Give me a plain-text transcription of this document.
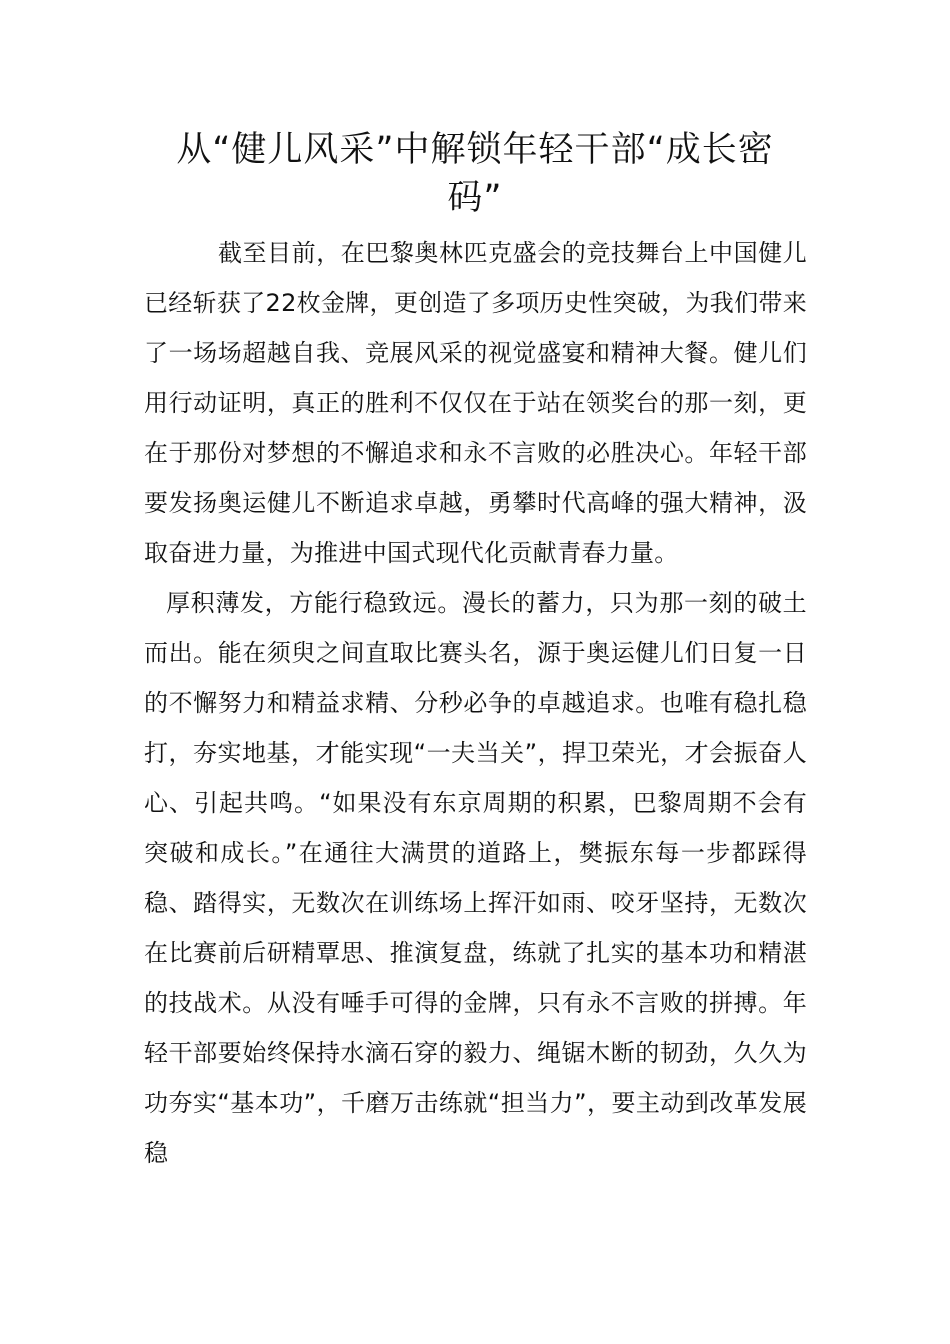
从“健儿风采”中解锁年轻干部“成长密码”

截至目前，在巴黎奥林匹克盛会的竞技舞台上中国健儿已经斩获了22枚金牌，更创造了多项历史性突破，为我们带来了一场场超越自我、竞展风采的视觉盛宴和精神大餐。健儿们用行动证明，真正的胜利不仅仅在于站在领奖台的那一刻，更在于那份对梦想的不懈追求和永不言败的必胜决心。年轻干部要发扬奥运健儿不断追求卓越，勇攀时代高峰的强大精神，汲取奋进力量，为推进中国式现代化贡献青春力量。

厚积薄发，方能行稳致远。漫长的蓄力，只为那一刻的破土而出。能在须臾之间直取比赛头名，源于奥运健儿们日复一日的不懈努力和精益求精、分秒必争的卓越追求。也唯有稳扎稳打，夯实地基，才能实现“一夫当关”，捍卫荣光，才会振奋人心、引起共鸣。“如果没有东京周期的积累，巴黎周期不会有突破和成长。”在通往大满贯的道路上，樊振东每一步都踩得稳、踏得实，无数次在训练场上挥汗如雨、咬牙坚持，无数次在比赛前后研精覃思、推演复盘，练就了扎实的基本功和精湛的技战术。从没有唾手可得的金牌，只有永不言败的拼搏。年轻干部要始终保持水滴石穿的毅力、绳锯木断的韧劲，久久为功夯实“基本功”，千磨万击练就“担当力”，要主动到改革发展稳
